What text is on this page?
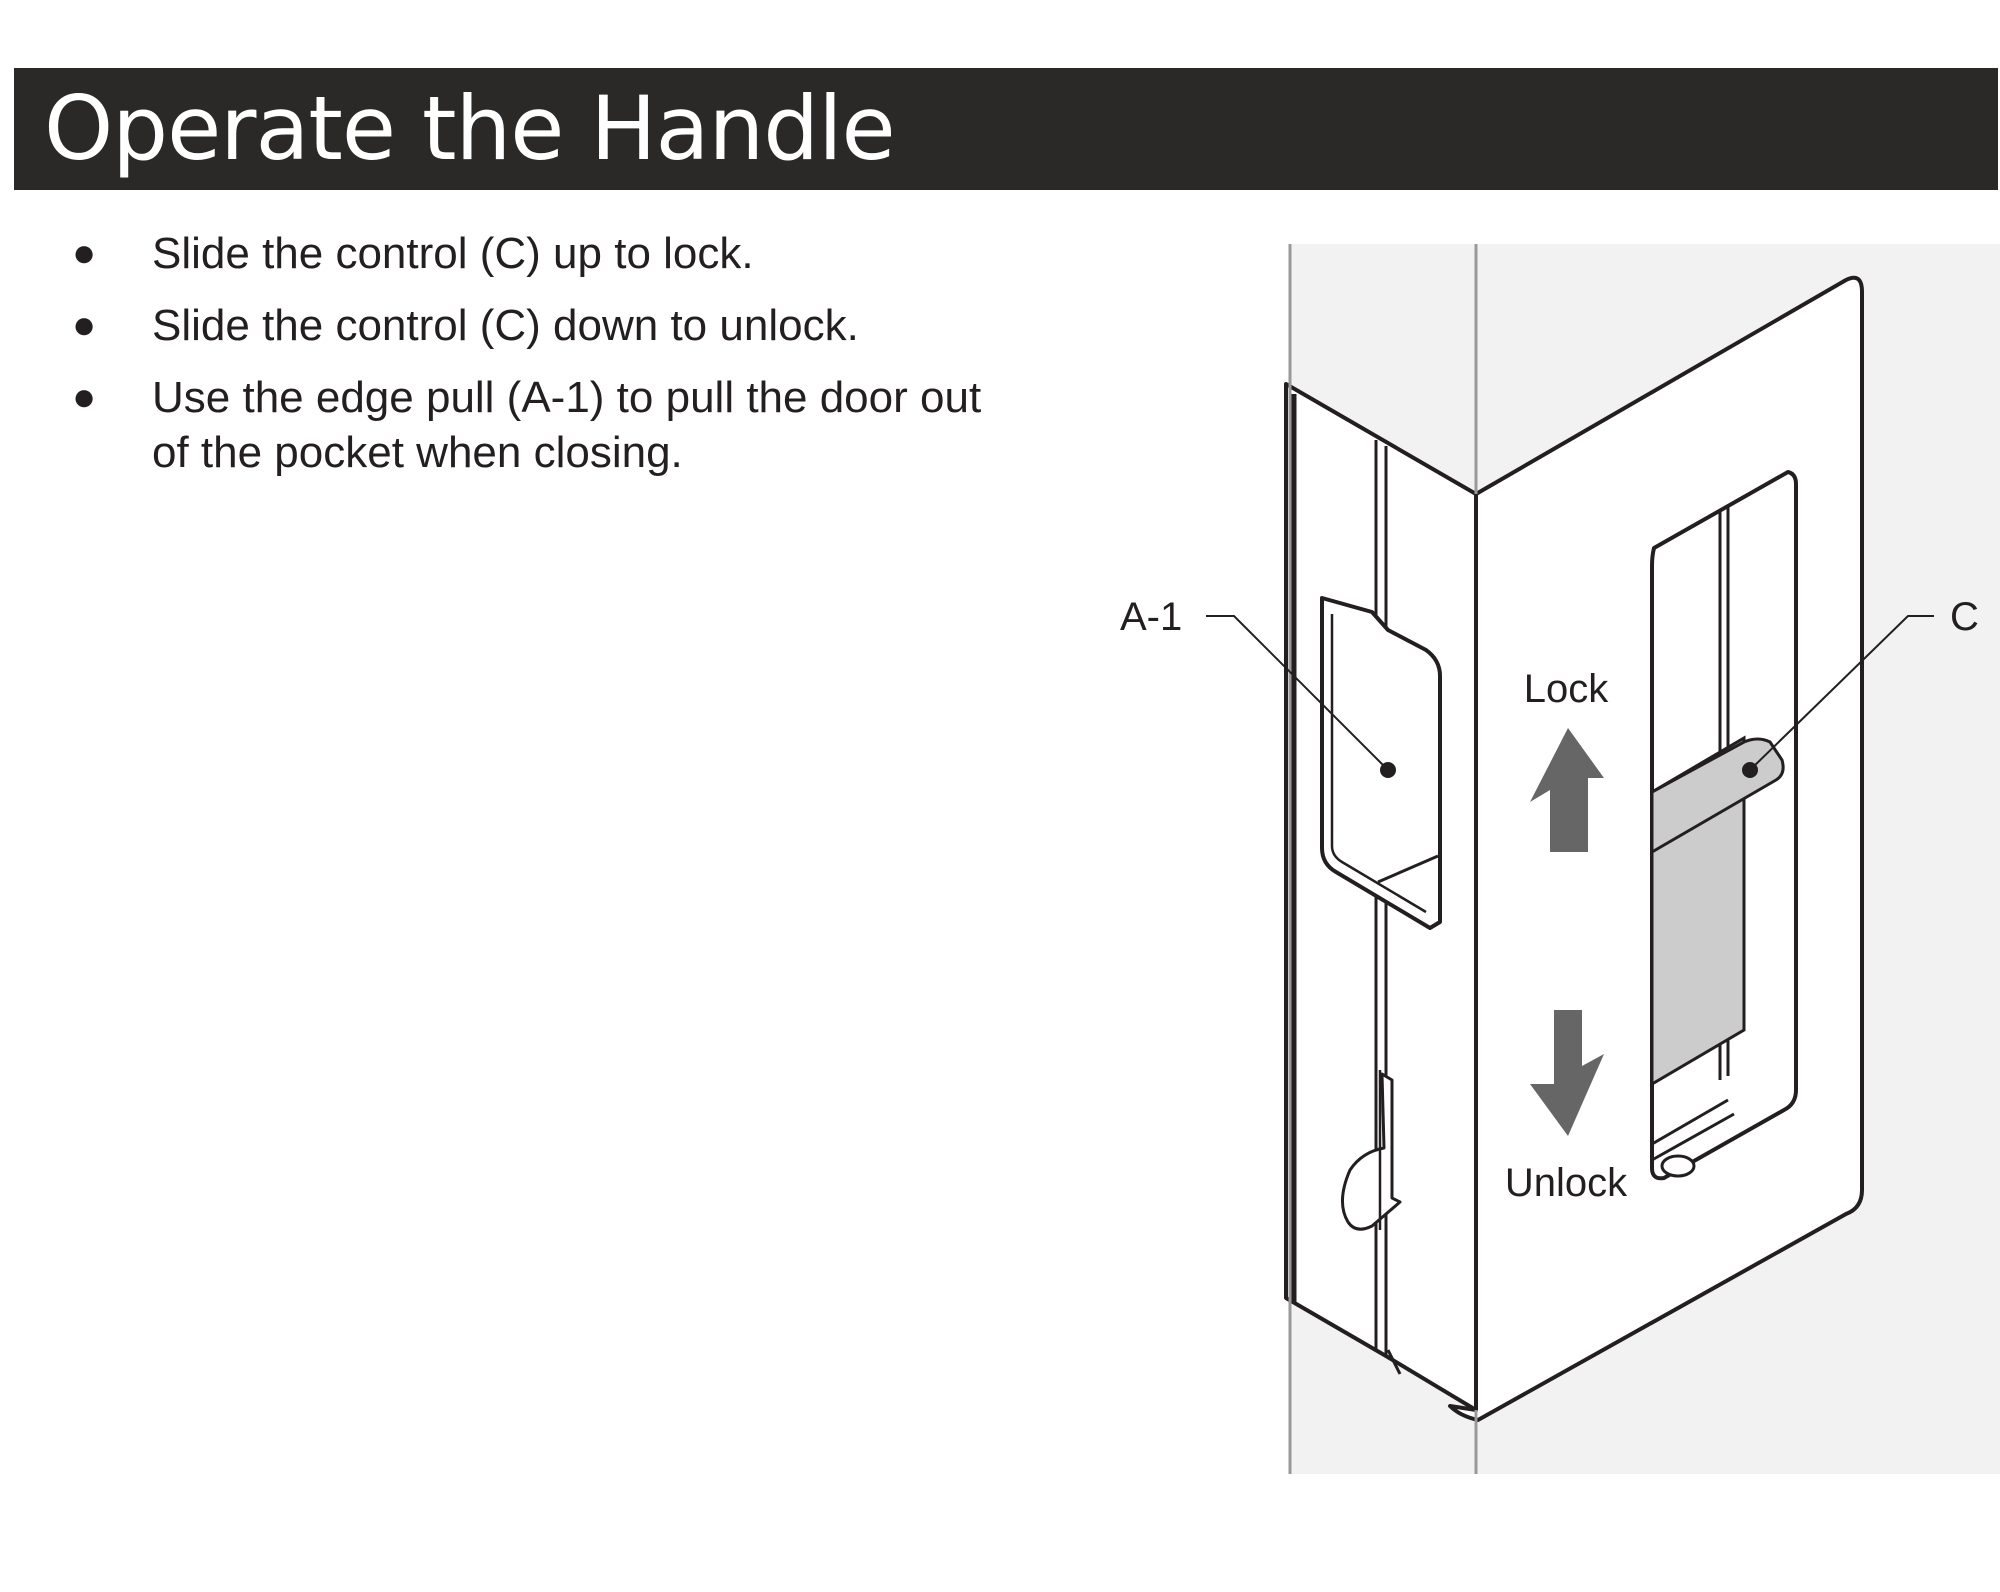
Operate the Handle
● Slide the control (C) up to lock.
● Slide the control (C) down to unlock.
● Use the edge pull (A-1) to pull the door out of the pocket when closing.
A-1	C
Lock
Unlock
